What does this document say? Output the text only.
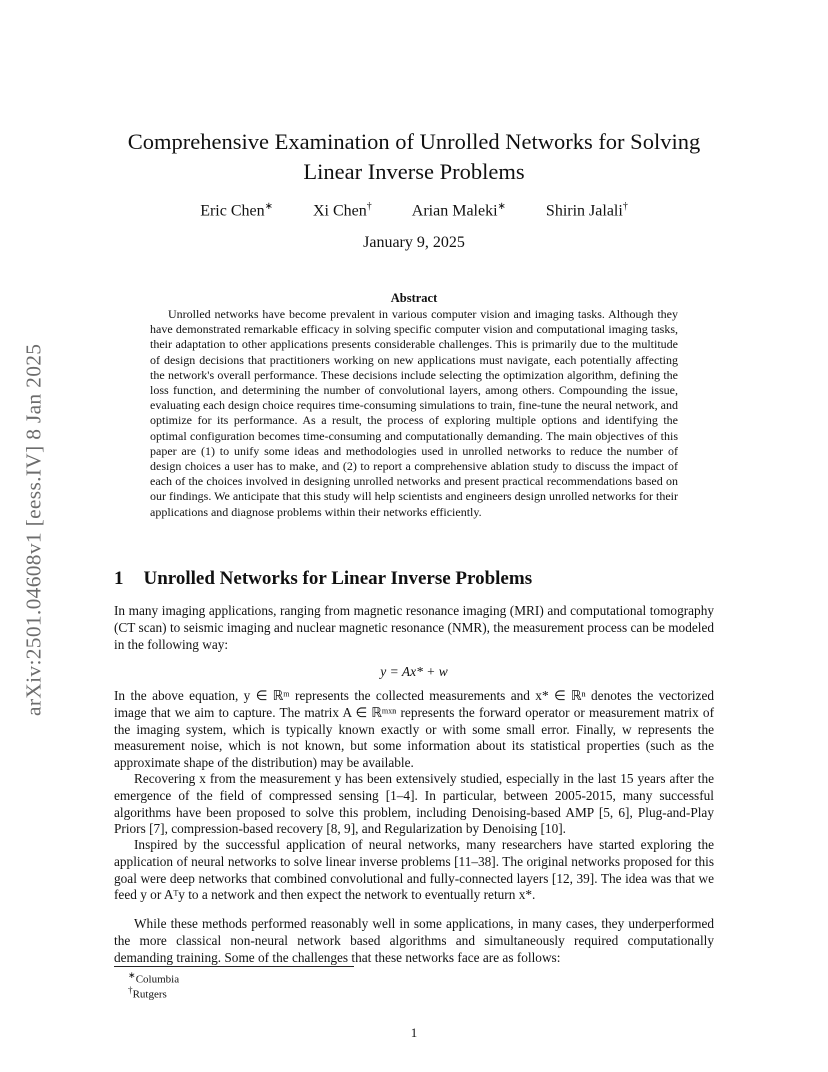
arXiv:2501.04608v1 [eess.IV] 8 Jan 2025
Comprehensive Examination of Unrolled Networks for Solving Linear Inverse Problems
Eric Chen∗	Xi Chen†	Arian Maleki∗	Shirin Jalali†
January 9, 2025
Abstract

Unrolled networks have become prevalent in various computer vision and imaging tasks. Although they have demonstrated remarkable efficacy in solving specific computer vision and computational imaging tasks, their adaptation to other applications presents considerable challenges. This is primarily due to the multitude of design decisions that practitioners working on new applications must navigate, each potentially affecting the network's overall performance. These decisions include selecting the optimization algorithm, defining the loss function, and determining the number of convolutional layers, among others. Compounding the issue, evaluating each design choice requires time-consuming simulations to train, fine-tune the neural network, and optimize for its performance. As a result, the process of exploring multiple options and identifying the optimal configuration becomes time-consuming and computationally demanding. The main objectives of this paper are (1) to unify some ideas and methodologies used in unrolled networks to reduce the number of design choices a user has to make, and (2) to report a comprehensive ablation study to discuss the impact of each of the choices involved in designing unrolled networks and present practical recommendations based on our findings. We anticipate that this study will help scientists and engineers design unrolled networks for their applications and diagnose problems within their networks efficiently.

1 Unrolled Networks for Linear Inverse Problems

In many imaging applications, ranging from magnetic resonance imaging (MRI) and computational tomography (CT scan) to seismic imaging and nuclear magnetic resonance (NMR), the measurement process can be modeled in the following way:

y = Ax* + w

In the above equation, y ∈ ℝᵐ represents the collected measurements and x* ∈ ℝⁿ denotes the vectorized image that we aim to capture. The matrix A ∈ ℝᵐˣⁿ represents the forward operator or measurement matrix of the imaging system, which is typically known exactly or with some small error. Finally, w represents the measurement noise, which is not known, but some information about its statistical properties (such as the approximate shape of the distribution) may be available.

Recovering x from the measurement y has been extensively studied, especially in the last 15 years after the emergence of the field of compressed sensing [1–4]. In particular, between 2005-2015, many successful algorithms have been proposed to solve this problem, including Denoising-based AMP [5, 6], Plug-and-Play Priors [7], compression-based recovery [8, 9], and Regularization by Denoising [10].

Inspired by the successful application of neural networks, many researchers have started exploring the application of neural networks to solve linear inverse problems [11–38]. The original networks proposed for this goal were deep networks that combined convolutional and fully-connected layers [12, 39]. The idea was that we feed y or Aᵀy to a network and then expect the network to eventually return x*.

While these methods performed reasonably well in some applications, in many cases, they underperformed the more classical non-neural network based algorithms and simultaneously required computationally demanding training. Some of the challenges that these networks face are as follows:

∗Columbia
†Rutgers
1
